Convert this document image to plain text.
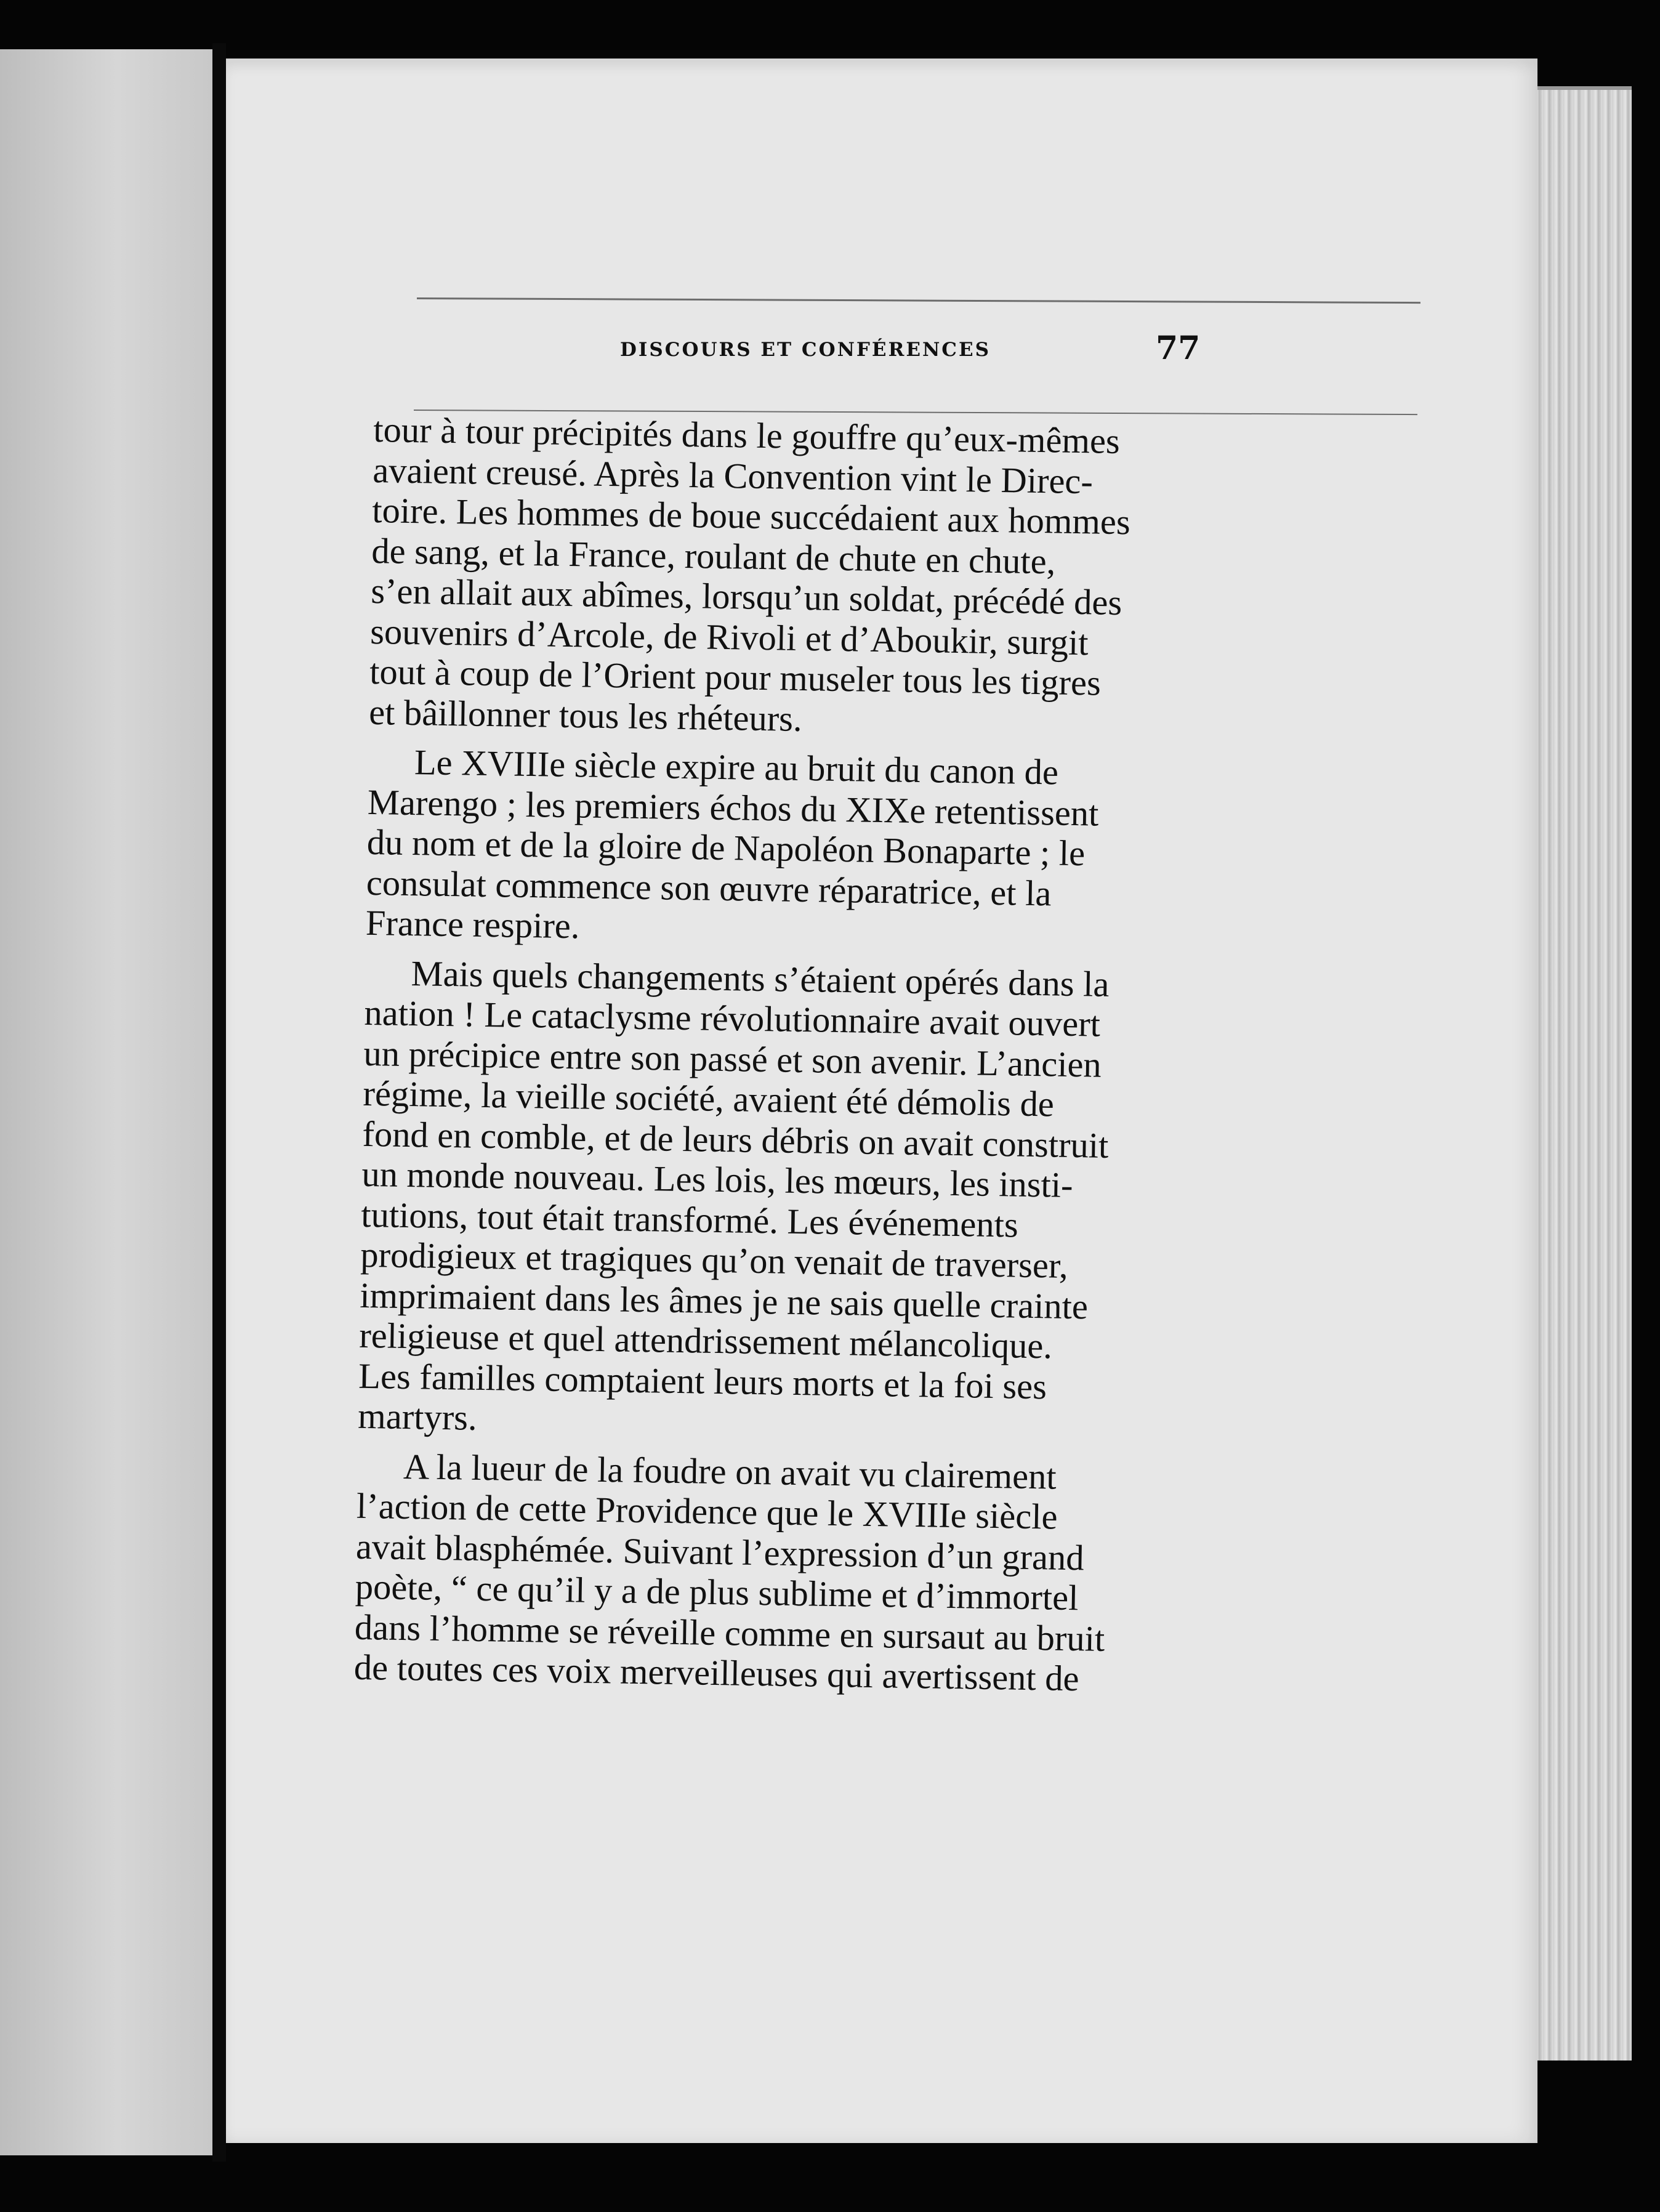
DISCOURS ET CONFÉRENCES	77

tour à tour précipités dans le gouffre qu’eux-mêmes
avaient creusé. Après la Convention vint le Direc-
toire. Les hommes de boue succédaient aux hommes
de sang, et la France, roulant de chute en chute,
s’en allait aux abîmes, lorsqu’un soldat, précédé des
souvenirs d’Arcole, de Rivoli et d’Aboukir, surgit
tout à coup de l’Orient pour museler tous les tigres
et bâillonner tous les rhéteurs.

Le XVIIIe siècle expire au bruit du canon de
Marengo ; les premiers échos du XIXe retentissent
du nom et de la gloire de Napoléon Bonaparte ; le
consulat commence son œuvre réparatrice, et la
France respire.

Mais quels changements s’étaient opérés dans la
nation ! Le cataclysme révolutionnaire avait ouvert
un précipice entre son passé et son avenir. L’ancien
régime, la vieille société, avaient été démolis de
fond en comble, et de leurs débris on avait construit
un monde nouveau. Les lois, les mœurs, les insti-
tutions, tout était transformé. Les événements
prodigieux et tragiques qu’on venait de traverser,
imprimaient dans les âmes je ne sais quelle crainte
religieuse et quel attendrissement mélancolique.
Les familles comptaient leurs morts et la foi ses
martyrs.

A la lueur de la foudre on avait vu clairement
l’action de cette Providence que le XVIIIe siècle
avait blasphémée. Suivant l’expression d’un grand
poète, “ ce qu’il y a de plus sublime et d’immortel
dans l’homme se réveille comme en sursaut au bruit
de toutes ces voix merveilleuses qui avertissent de
